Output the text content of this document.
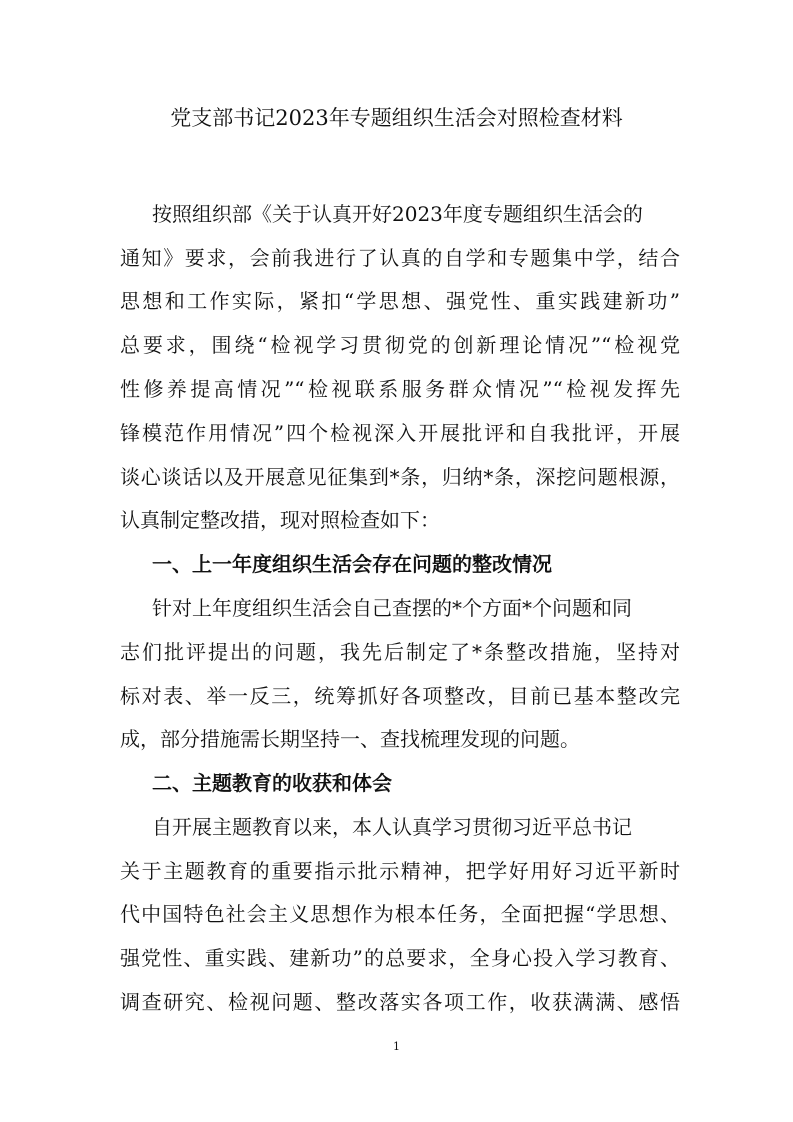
党支部书记2023年专题组织生活会对照检查材料

按照组织部《关于认真开好2023年度专题组织生活会的

通知》要求，会前我进行了认真的自学和专题集中学，结合

思想和工作实际，紧扣“学思想、强党性、重实践建新功”

总要求，围绕“检视学习贯彻党的创新理论情况”“检视党

性修养提高情况”“检视联系服务群众情况”“检视发挥先

锋模范作用情况”四个检视深入开展批评和自我批评，开展

谈心谈话以及开展意见征集到*条，归纳*条，深挖问题根源，

认真制定整改措，现对照检查如下：

一、上一年度组织生活会存在问题的整改情况

针对上年度组织生活会自己查摆的*个方面*个问题和同

志们批评提出的问题，我先后制定了*条整改措施，坚持对

标对表、举一反三，统筹抓好各项整改，目前已基本整改完

成，部分措施需长期坚持一、查找梳理发现的问题。

二、主题教育的收获和体会

自开展主题教育以来，本人认真学习贯彻习近平总书记

关于主题教育的重要指示批示精神，把学好用好习近平新时

代中国特色社会主义思想作为根本任务，全面把握“学思想、

强党性、重实践、建新功”的总要求，全身心投入学习教育、

调查研究、检视问题、整改落实各项工作，收获满满、感悟

1
